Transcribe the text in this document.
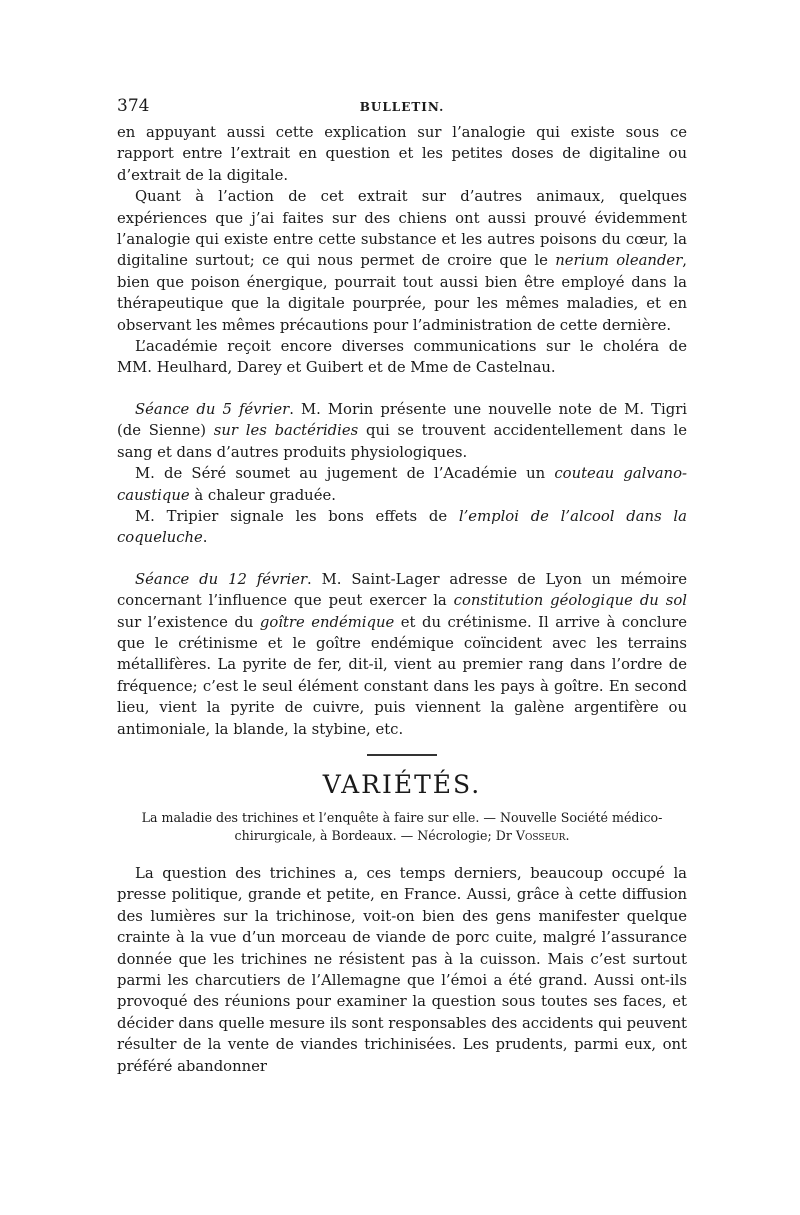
374	BULLETIN.

en appuyant aussi cette explication sur l’analogie qui existe sous ce rapport entre l’extrait en question et les petites doses de digitaline ou d’extrait de la digitale.

Quant à l’action de cet extrait sur d’autres animaux, quelques expériences que j’ai faites sur des chiens ont aussi prouvé évidemment l’analogie qui existe entre cette substance et les autres poisons du cœur, la digitaline surtout; ce qui nous permet de croire que le nerium oleander, bien que poison énergique, pourrait tout aussi bien être employé dans la thérapeutique que la digitale pourprée, pour les mêmes maladies, et en observant les mêmes précautions pour l’administration de cette dernière.

L’académie reçoit encore diverses communications sur le choléra de MM. Heulhard, Darey et Guibert et de Mme de Castelnau.

Séance du 5 février. M. Morin présente une nouvelle note de M. Tigri (de Sienne) sur les bactéridies qui se trouvent accidentellement dans le sang et dans d’autres produits physiologiques.

M. de Séré soumet au jugement de l’Académie un couteau galvano-caustique à chaleur graduée.

M. Tripier signale les bons effets de l’emploi de l’alcool dans la coqueluche.

Séance du 12 février. M. Saint-Lager adresse de Lyon un mémoire concernant l’influence que peut exercer la constitution géologique du sol sur l’existence du goître endémique et du crétinisme. Il arrive à conclure que le crétinisme et le goître endémique coïncident avec les terrains métallifères. La pyrite de fer, dit-il, vient au premier rang dans l’ordre de fréquence; c’est le seul élément constant dans les pays à goître. En second lieu, vient la pyrite de cuivre, puis viennent la galène argentifère ou antimoniale, la blande, la stybine, etc.

VARIÉTÉS.

La maladie des trichines et l’enquête à faire sur elle. — Nouvelle Société médico-chirurgicale, à Bordeaux. — Nécrologie; Dr Vosseur.

La question des trichines a, ces temps derniers, beaucoup occupé la presse politique, grande et petite, en France. Aussi, grâce à cette diffusion des lumières sur la trichinose, voit-on bien des gens manifester quelque crainte à la vue d’un morceau de viande de porc cuite, malgré l’assurance donnée que les trichines ne résistent pas à la cuisson. Mais c’est surtout parmi les charcutiers de l’Allemagne que l’émoi a été grand. Aussi ont-ils provoqué des réunions pour examiner la question sous toutes ses faces, et décider dans quelle mesure ils sont responsables des accidents qui peuvent résulter de la vente de viandes trichinisées. Les prudents, parmi eux, ont préféré abandonner
